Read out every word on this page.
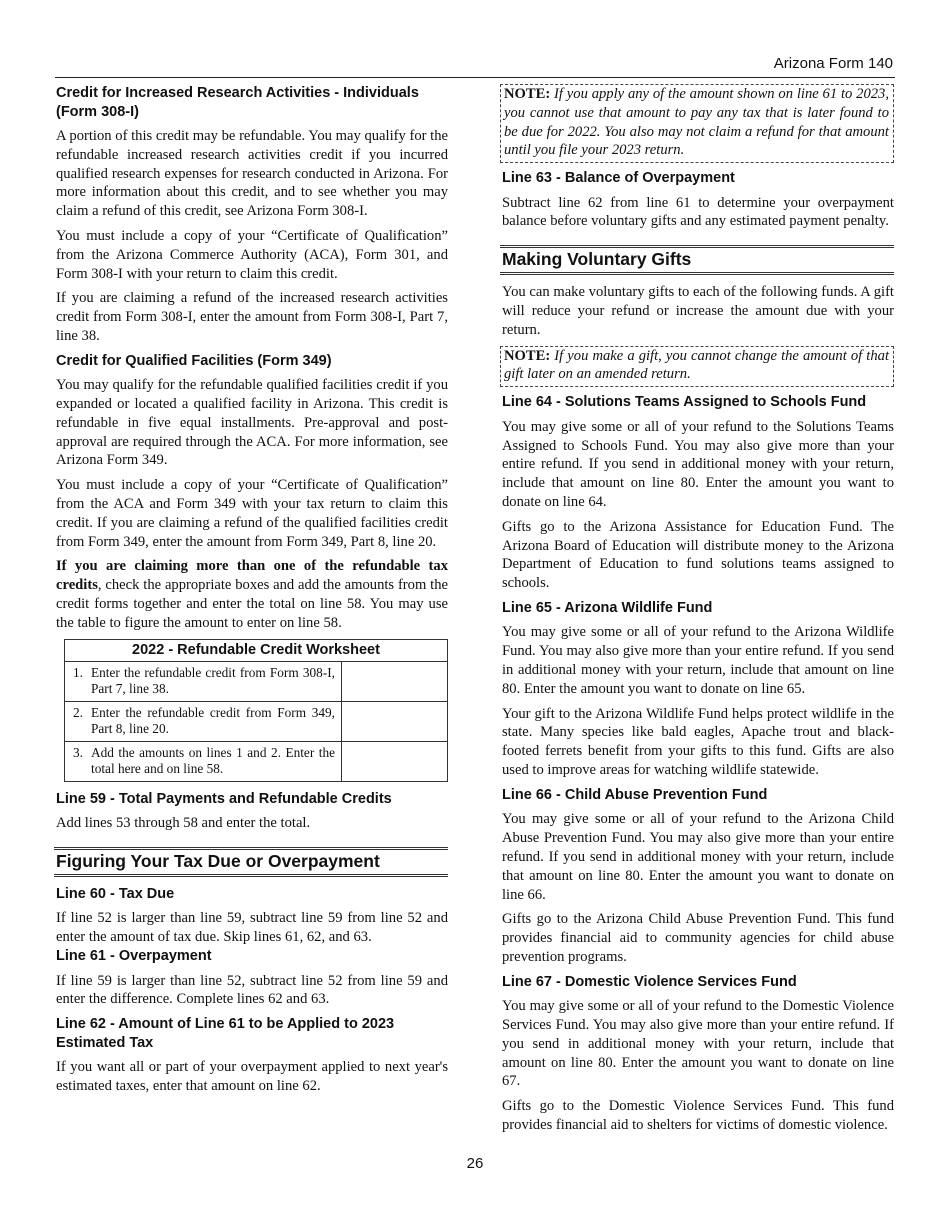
Arizona Form 140
Credit for Increased Research Activities - Individuals (Form 308-I)

A portion of this credit may be refundable. You may qualify for the refundable increased research activities credit if you incurred qualified research expenses for research conducted in Arizona. For more information about this credit, and to see whether you may claim a refund of this credit, see Arizona Form 308-I.

You must include a copy of your “Certificate of Qualification” from the Arizona Commerce Authority (ACA), Form 301, and Form 308-I with your return to claim this credit.

If you are claiming a refund of the increased research activities credit from Form 308-I, enter the amount from Form 308-I, Part 7, line 38.

Credit for Qualified Facilities (Form 349)

You may qualify for the refundable qualified facilities credit if you expanded or located a qualified facility in Arizona. This credit is refundable in five equal installments. Pre-approval and post-approval are required through the ACA. For more information, see Arizona Form 349.

You must include a copy of your “Certificate of Qualification” from the ACA and Form 349 with your tax return to claim this credit. If you are claiming a refund of the qualified facilities credit from Form 349, enter the amount from Form 349, Part 8, line 20.

If you are claiming more than one of the refundable tax credits, check the appropriate boxes and add the amounts from the credit forms together and enter the total on line 58. You may use the table to figure the amount to enter on line 58.

2022 - Refundable Credit Worksheet	

1. Enter the refundable credit from Form 308-I, Part 7, line 38.	

2. Enter the refundable credit from Form 349, Part 8, line 20.	

3. Add the amounts on lines 1 and 2. Enter the total here and on line 58.	

Line 59 - Total Payments and Refundable Credits

Add lines 53 through 58 and enter the total.

Figuring Your Tax Due or Overpayment
Line 60 - Tax Due

If line 52 is larger than line 59, subtract line 59 from line 52 and enter the amount of tax due. Skip lines 61, 62, and 63.

Line 61 - Overpayment

If line 59 is larger than line 52, subtract line 52 from line 59 and enter the difference. Complete lines 62 and 63.

Line 62 - Amount of Line 61 to be Applied to 2023 Estimated Tax

If you want all or part of your overpayment applied to next year's estimated taxes, enter that amount on line 62.

NOTE: If you apply any of the amount shown on line 61 to 2023, you cannot use that amount to pay any tax that is later found to be due for 2022. You also may not claim a refund for that amount until you file your 2023 return.
Line 63 - Balance of Overpayment

Subtract line 62 from line 61 to determine your overpayment balance before voluntary gifts and any estimated payment penalty.

Making Voluntary Gifts

You can make voluntary gifts to each of the following funds. A gift will reduce your refund or increase the amount due with your return.

NOTE: If you make a gift, you cannot change the amount of that gift later on an amended return.
Line 64 - Solutions Teams Assigned to Schools Fund

You may give some or all of your refund to the Solutions Teams Assigned to Schools Fund. You may also give more than your entire refund. If you send in additional money with your return, include that amount on line 80. Enter the amount you want to donate on line 64.

Gifts go to the Arizona Assistance for Education Fund. The Arizona Board of Education will distribute money to the Arizona Department of Education to fund solutions teams assigned to schools.

Line 65 - Arizona Wildlife Fund

You may give some or all of your refund to the Arizona Wildlife Fund. You may also give more than your entire refund. If you send in additional money with your return, include that amount on line 80. Enter the amount you want to donate on line 65.

Your gift to the Arizona Wildlife Fund helps protect wildlife in the state. Many species like bald eagles, Apache trout and black-footed ferrets benefit from your gifts to this fund. Gifts are also used to improve areas for watching wildlife statewide.

Line 66 - Child Abuse Prevention Fund

You may give some or all of your refund to the Arizona Child Abuse Prevention Fund. You may also give more than your entire refund. If you send in additional money with your return, include that amount on line 80. Enter the amount you want to donate on line 66.

Gifts go to the Arizona Child Abuse Prevention Fund. This fund provides financial aid to community agencies for child abuse prevention programs.

Line 67 - Domestic Violence Services Fund

You may give some or all of your refund to the Domestic Violence Services Fund. You may also give more than your entire refund. If you send in additional money with your return, include that amount on line 80. Enter the amount you want to donate on line 67.

Gifts go to the Domestic Violence Services Fund. This fund provides financial aid to shelters for victims of domestic violence.

26
